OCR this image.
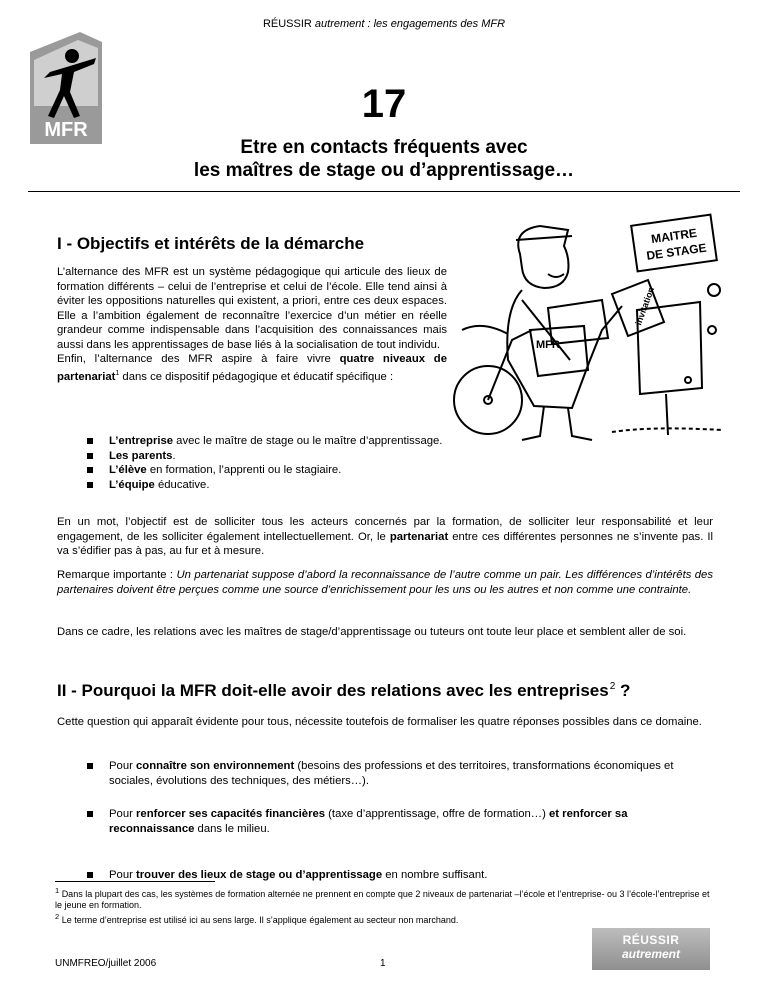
RÉUSSIR autrement : les engagements des MFR
MFR
17
Etre en contacts fréquents avec
les maîtres de stage ou d’apprentissage…
I - Objectifs et intérêts de la démarche
L’alternance des MFR est un système pédagogique qui articule des lieux de formation différents – celui de l’entreprise et celui de l’école. Elle tend ainsi à éviter les oppositions naturelles qui existent, a priori, entre ces deux espaces. Elle a l’ambition également de reconnaître l’exercice d’un métier en réelle grandeur comme indispensable dans l’acquisition des connaissances mais aussi dans les apprentissages de base liés à la socialisation de tout individu.
Enfin, l’alternance des MFR aspire à faire vivre quatre niveaux de partenariat$^1$ dans ce dispositif pédagogique et éducatif spécifique :
L’entreprise avec le maître de stage ou le maître d’apprentissage.
Les parents.
L’élève en formation, l’apprenti ou le stagiaire.
L’équipe éducative.
MAITRE
DE STAGE
MFR
invitation
En un mot, l’objectif est de solliciter tous les acteurs concernés par la formation, de solliciter leur responsabilité et leur engagement, de les solliciter également intellectuellement. Or, le partenariat entre ces différentes personnes ne s’invente pas. Il va s’édifier pas à pas, au fur et à mesure.
Remarque importante : Un partenariat suppose d’abord la reconnaissance de l’autre comme un pair. Les différences d’intérêts des partenaires doivent être perçues comme une source d’enrichissement pour les uns ou les autres et non comme une contrainte.
Dans ce cadre, les relations avec les maîtres de stage/d’apprentissage ou tuteurs ont toute leur place et semblent aller de soi.
II - Pourquoi la MFR doit-elle avoir des relations avec les entreprises$^2$ ?
Cette question qui apparaît évidente pour tous, nécessite toutefois de formaliser les quatre réponses possibles dans ce domaine.
Pour connaître son environnement (besoins des professions et des territoires, transformations économiques et sociales, évolutions des techniques, des métiers…).
Pour renforcer ses capacités financières (taxe d’apprentissage, offre de formation…) et renforcer sa reconnaissance dans le milieu.
Pour trouver des lieux de stage ou d’apprentissage en nombre suffisant.
$^1$ Dans la plupart des cas, les systèmes de formation alternée ne prennent en compte que 2 niveaux de partenariat –l’école et l’entreprise- ou 3 l’école-l’entreprise et le jeune en formation.
$^2$ Le terme d’entreprise est utilisé ici au sens large. Il s’applique également au secteur non marchand.
UNMFREO/juillet 2006	1
RÉUSSIR
autrement
